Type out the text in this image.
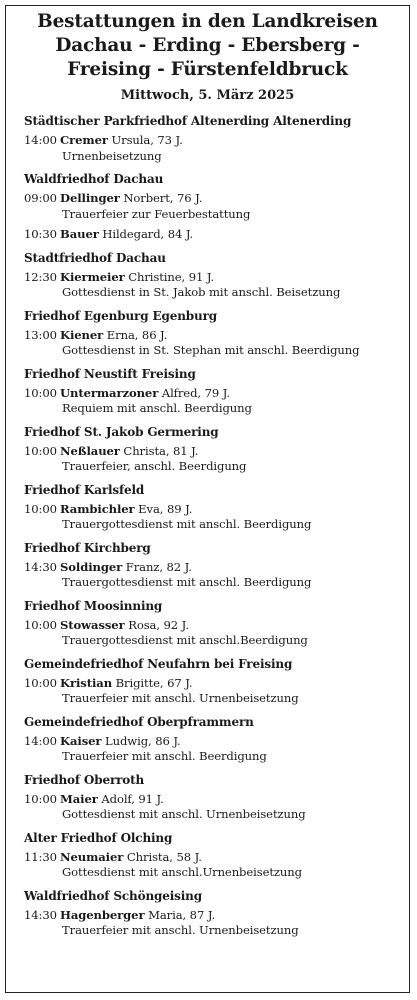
Bestattungen in den Landkreisen
Dachau - Erding - Ebersberg -
Freising - Fürstenfeldbruck
Mittwoch, 5. März 2025
Städtischer Parkfriedhof Altenerding Altenerding
14:00 Cremer Ursula, 73 J.
Urnenbeisetzung
Waldfriedhof Dachau
09:00 Dellinger Norbert, 76 J.
Trauerfeier zur Feuerbestattung
10:30 Bauer Hildegard, 84 J.
Stadtfriedhof Dachau
12:30 Kiermeier Christine, 91 J.
Gottesdienst in St. Jakob mit anschl. Beisetzung
Friedhof Egenburg Egenburg
13:00 Kiener Erna, 86 J.
Gottesdienst in St. Stephan mit anschl. Beerdigung
Friedhof Neustift Freising
10:00 Untermarzoner Alfred, 79 J.
Requiem mit anschl. Beerdigung
Friedhof St. Jakob Germering
10:00 Neßlauer Christa, 81 J.
Trauerfeier, anschl. Beerdigung
Friedhof Karlsfeld
10:00 Rambichler Eva, 89 J.
Trauergottesdienst mit anschl. Beerdigung
Friedhof Kirchberg
14:30 Soldinger Franz, 82 J.
Trauergottesdienst mit anschl. Beerdigung
Friedhof Moosinning
10:00 Stowasser Rosa, 92 J.
Trauergottesdienst mit anschl.Beerdigung
Gemeindefriedhof Neufahrn bei Freising
10:00 Kristian Brigitte, 67 J.
Trauerfeier mit anschl. Urnenbeisetzung
Gemeindefriedhof Oberpframmern
14:00 Kaiser Ludwig, 86 J.
Trauerfeier mit anschl. Beerdigung
Friedhof Oberroth
10:00 Maier Adolf, 91 J.
Gottesdienst mit anschl. Urnenbeisetzung
Alter Friedhof Olching
11:30 Neumaier Christa, 58 J.
Gottesdienst mit anschl.Urnenbeisetzung
Waldfriedhof Schöngeising
14:30 Hagenberger Maria, 87 J.
Trauerfeier mit anschl. Urnenbeisetzung
